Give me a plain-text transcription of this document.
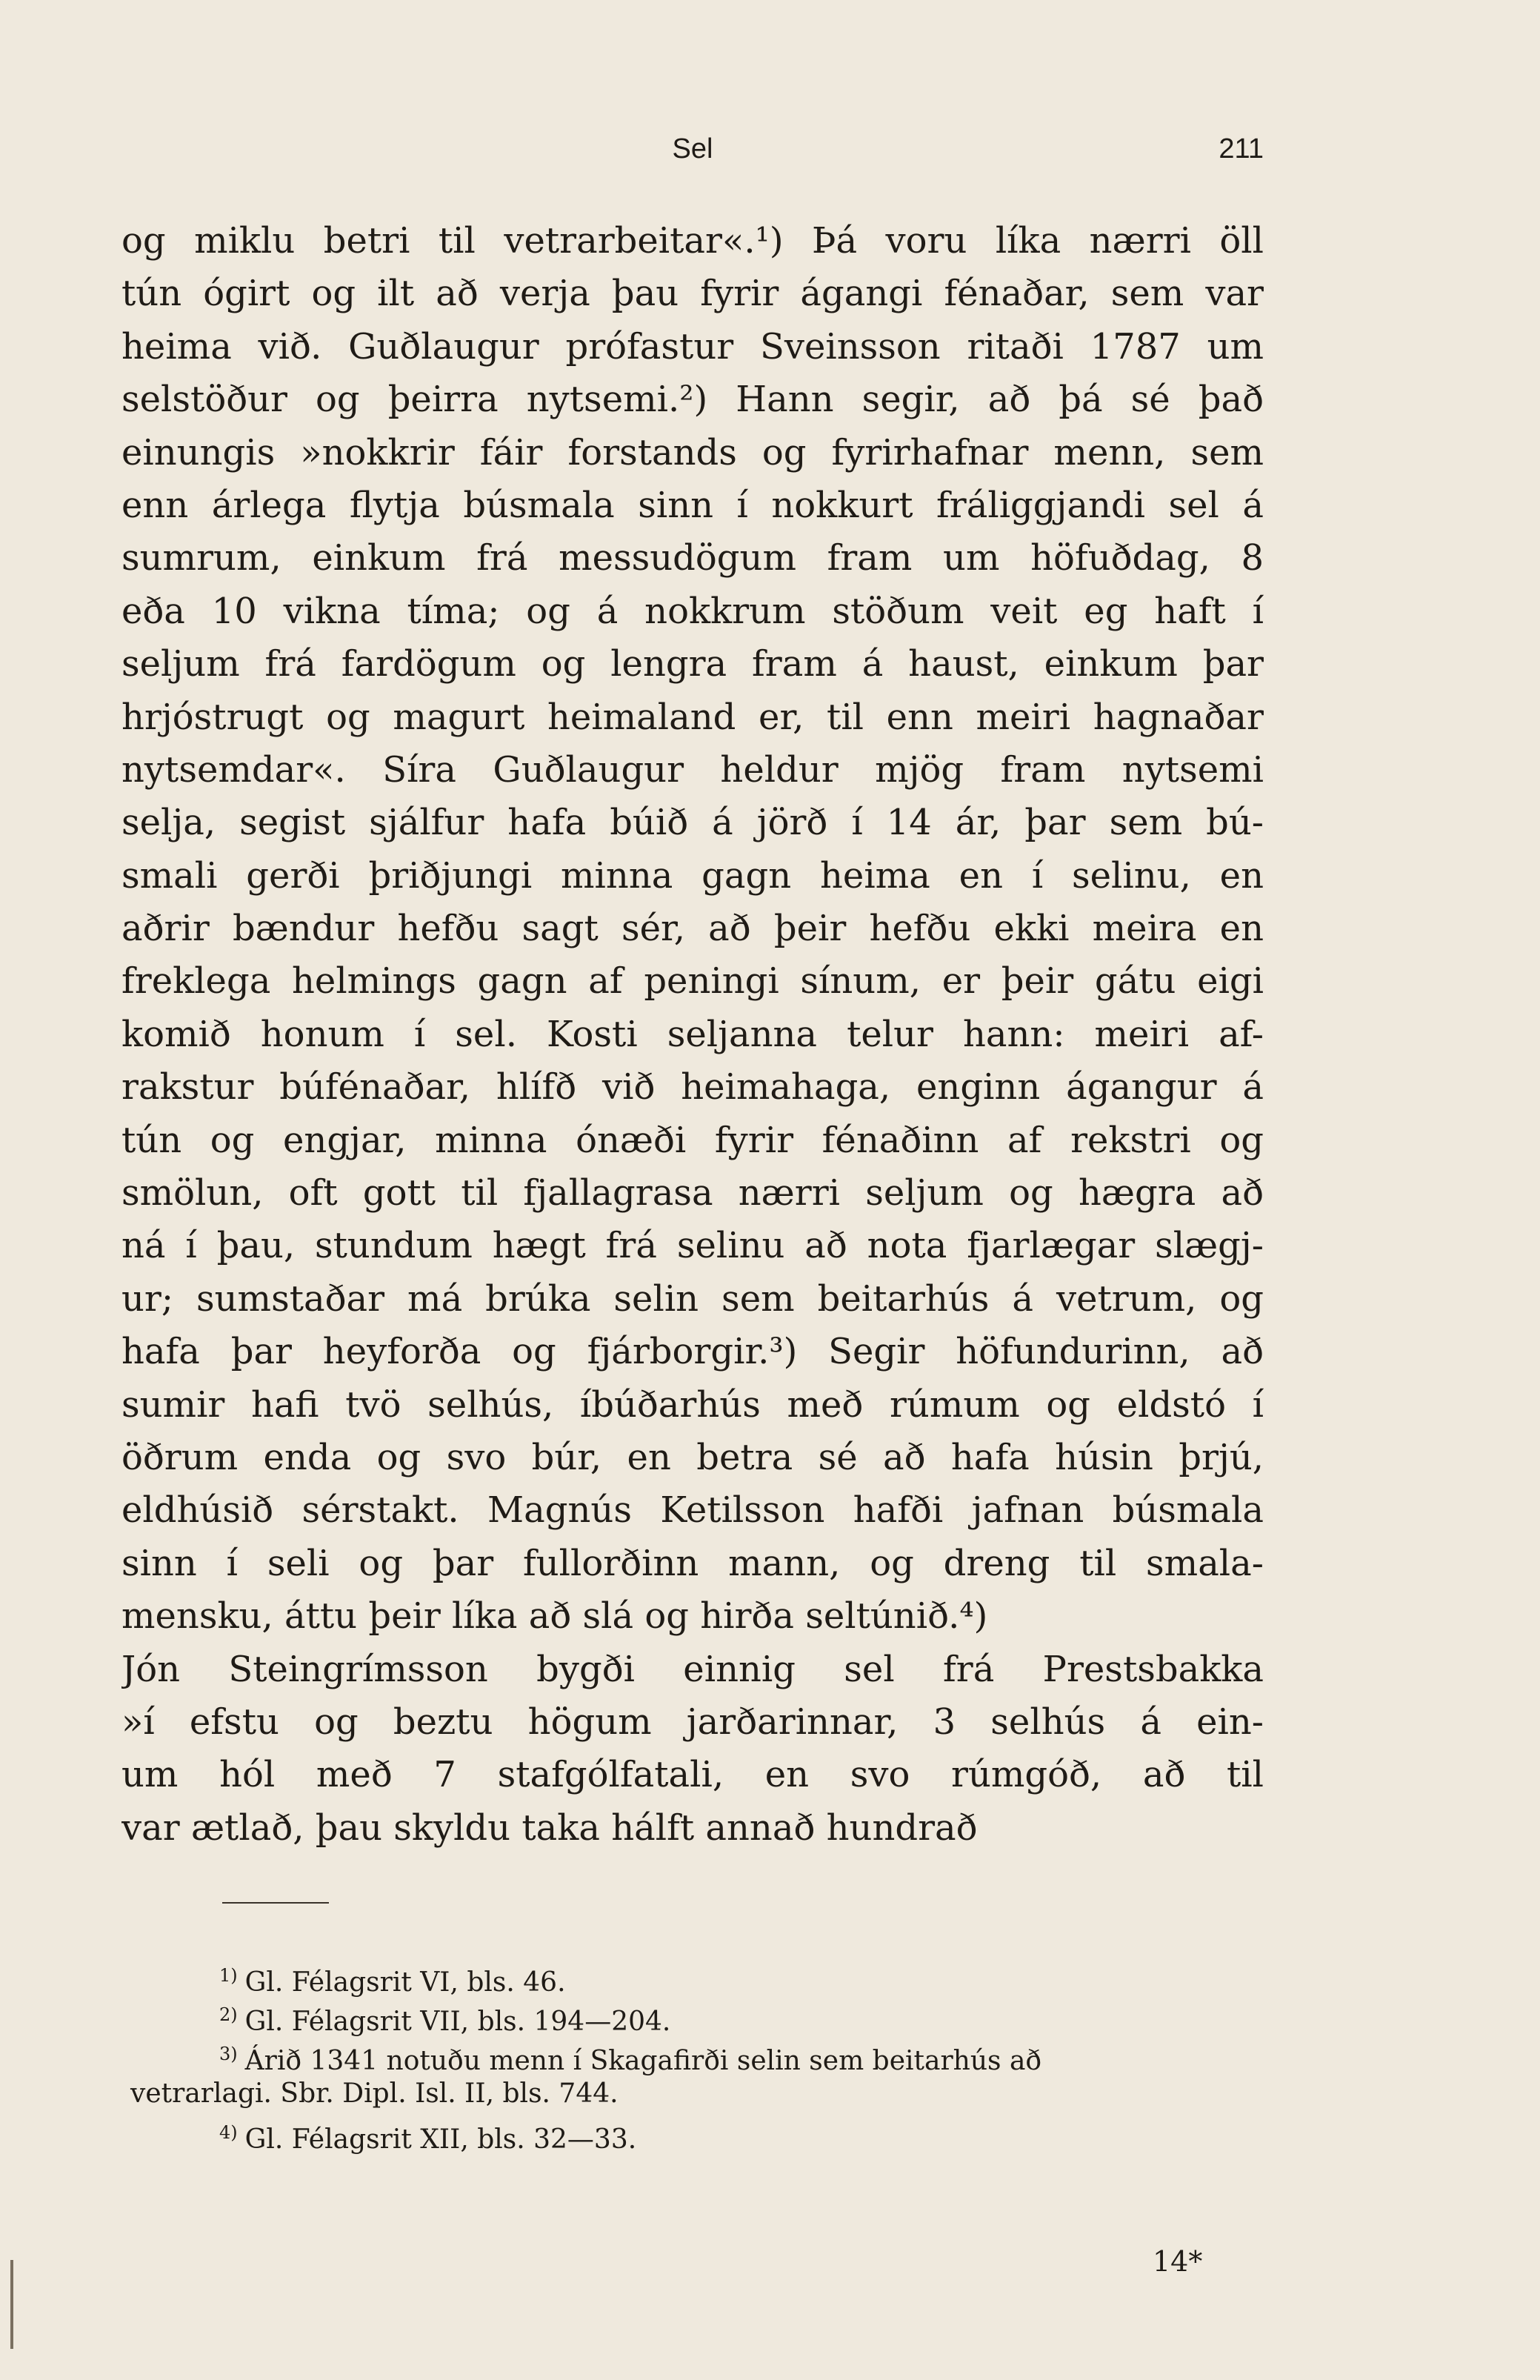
Sel	211
og miklu betri til vetrarbeitar«.¹) Þá voru líka nærri öll
tún ógirt og ilt að verja þau fyrir ágangi fénaðar, sem var
heima við. Guðlaugur prófastur Sveinsson ritaði 1787 um
selstöður og þeirra nytsemi.²) Hann segir, að þá sé það
einungis »nokkrir fáir forstands og fyrirhafnar menn, sem
enn árlega flytja búsmala sinn í nokkurt fráliggjandi sel á
sumrum, einkum frá messudögum fram um höfuðdag, 8
eða 10 vikna tíma; og á nokkrum stöðum veit eg haft í
seljum frá fardögum og lengra fram á haust, einkum þar
hrjóstrugt og magurt heimaland er, til enn meiri hagnaðar
nytsemdar«. Síra Guðlaugur heldur mjög fram nytsemi
selja, segist sjálfur hafa búið á jörð í 14 ár, þar sem bú-
smali gerði þriðjungi minna gagn heima en í selinu, en
aðrir bændur hefðu sagt sér, að þeir hefðu ekki meira en
freklega helmings gagn af peningi sínum, er þeir gátu eigi
komið honum í sel. Kosti seljanna telur hann: meiri af-
rakstur búfénaðar, hlífð við heimahaga, enginn ágangur á
tún og engjar, minna ónæði fyrir fénaðinn af rekstri og
smölun, oft gott til fjallagrasa nærri seljum og hægra að
ná í þau, stundum hægt frá selinu að nota fjarlægar slægj-
ur; sumstaðar má brúka selin sem beitarhús á vetrum, og
hafa þar heyforða og fjárborgir.³) Segir höfundurinn, að
sumir hafi tvö selhús, íbúðarhús með rúmum og eldstó í
öðrum enda og svo búr, en betra sé að hafa húsin þrjú,
eldhúsið sérstakt. Magnús Ketilsson hafði jafnan búsmala
sinn í seli og þar fullorðinn mann, og dreng til smala-
mensku, áttu þeir líka að slá og hirða seltúnið.⁴)
Jón Steingrímsson bygði einnig sel frá Prestsbakka
»í efstu og beztu högum jarðarinnar, 3 selhús á ein-
um hól með 7 stafgólfatali, en svo rúmgóð, að til
var ætlað, þau skyldu taka hálft annað hundrað
$^{1)}$ Gl. Félagsrit VI, bls. 46.
$^{2)}$ Gl. Félagsrit VII, bls. 194—204.
$^{3)}$ Árið 1341 notuðu menn í Skagafirði selin sem beitarhús að
vetrarlagi. Sbr. Dipl. Isl. II, bls. 744.
$^{4)}$ Gl. Félagsrit XII, bls. 32—33.
14*
